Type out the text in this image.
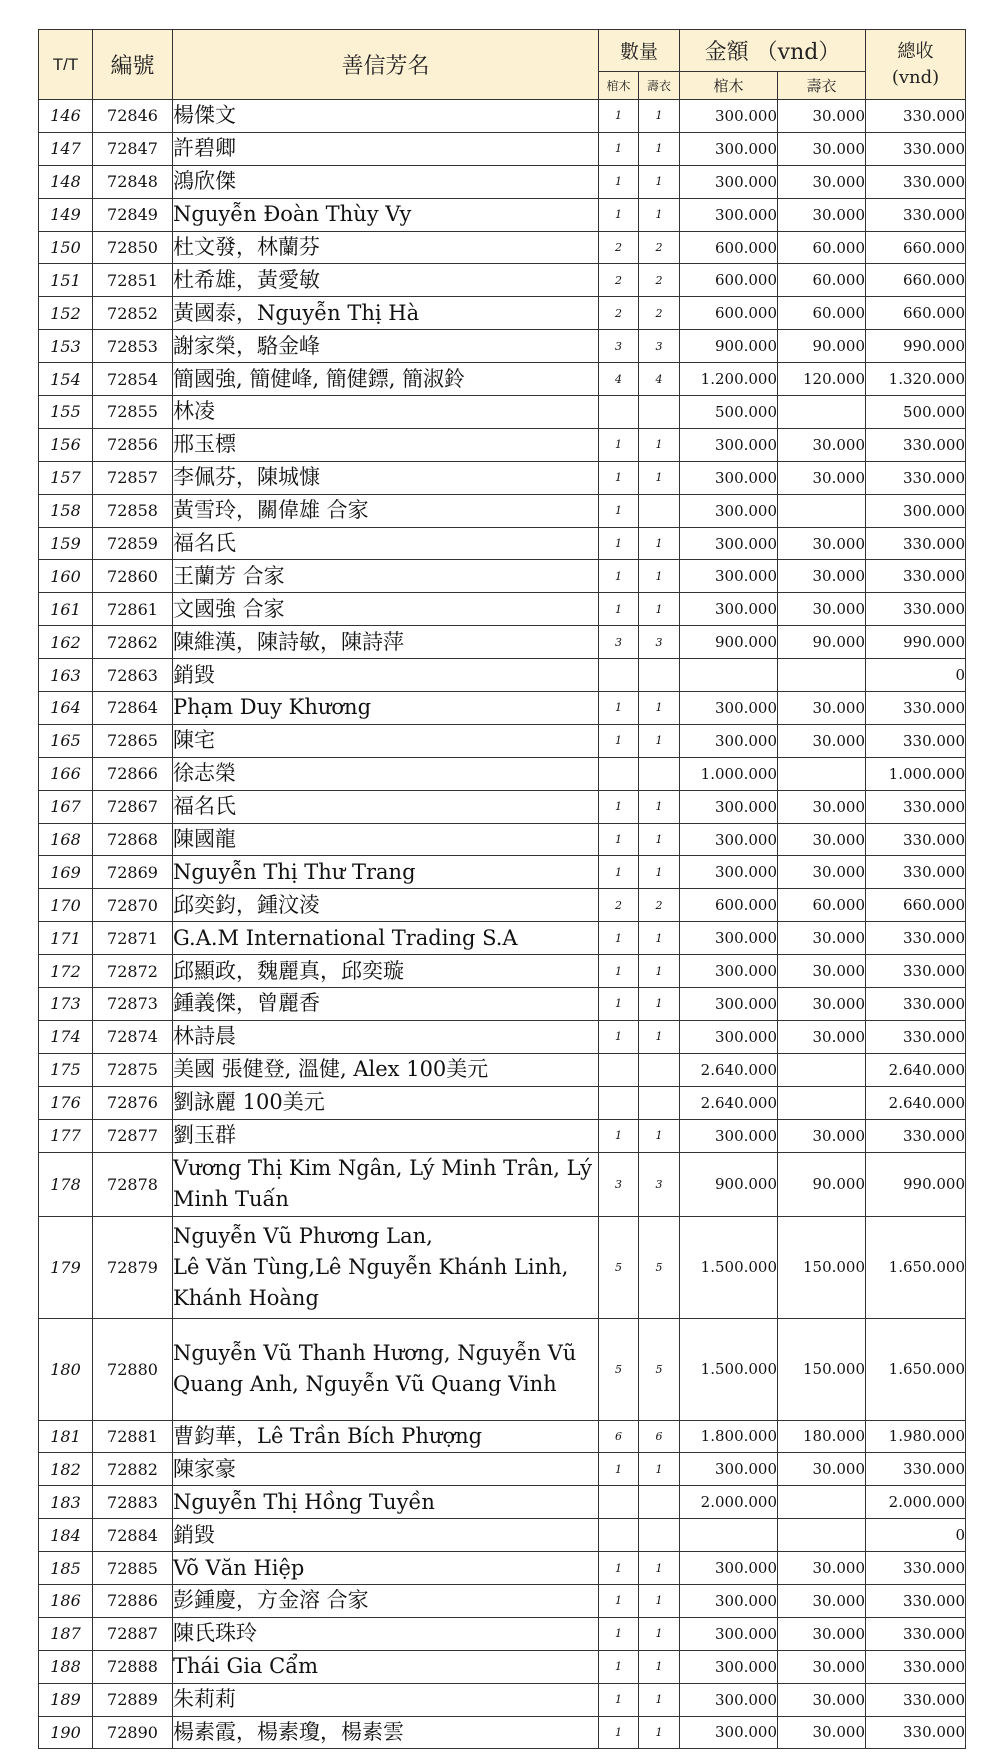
T/T	編號	善信芳名	數量		金額 （vnd）		總收
(vnd)

			棺木	壽衣	棺木	壽衣	
146	72846	楊傑文	1	1	300.000	30.000	330.000
147	72847	許碧卿	1	1	300.000	30.000	330.000
148	72848	鴻欣傑	1	1	300.000	30.000	330.000
149	72849	Nguyễn Đoàn Thùy Vy	1	1	300.000	30.000	330.000
150	72850	杜文發，林蘭芬	2	2	600.000	60.000	660.000
151	72851	杜希雄，黃愛敏	2	2	600.000	60.000	660.000
152	72852	黃國泰，Nguyễn Thị Hà	2	2	600.000	60.000	660.000
153	72853	謝家榮，駱金峰	3	3	900.000	90.000	990.000
154	72854	簡國強, 簡健峰, 簡健鏢, 簡淑鈴	4	4	1.200.000	120.000	1.320.000
155	72855	林凌			500.000		500.000
156	72856	邢玉標	1	1	300.000	30.000	330.000
157	72857	李佩芬，陳城慷	1	1	300.000	30.000	330.000
158	72858	黃雪玲，關偉雄 合家	1		300.000		300.000
159	72859	福名氏	1	1	300.000	30.000	330.000
160	72860	王蘭芳 合家	1	1	300.000	30.000	330.000
161	72861	文國強 合家	1	1	300.000	30.000	330.000
162	72862	陳維漢，陳詩敏，陳詩萍	3	3	900.000	90.000	990.000
163	72863	銷毀					0
164	72864	Phạm Duy Khương	1	1	300.000	30.000	330.000
165	72865	陳宅	1	1	300.000	30.000	330.000
166	72866	徐志榮			1.000.000		1.000.000
167	72867	福名氏	1	1	300.000	30.000	330.000
168	72868	陳國龍	1	1	300.000	30.000	330.000
169	72869	Nguyễn Thị Thư Trang	1	1	300.000	30.000	330.000
170	72870	邱奕鈞，鍾汶淩	2	2	600.000	60.000	660.000
171	72871	G.A.M International Trading S.A	1	1	300.000	30.000	330.000
172	72872	邱顯政，魏麗真，邱奕璇	1	1	300.000	30.000	330.000
173	72873	鍾義傑，曾麗香	1	1	300.000	30.000	330.000
174	72874	林詩晨	1	1	300.000	30.000	330.000
175	72875	美國 張健登, 溫健, Alex 100美元			2.640.000		2.640.000
176	72876	劉詠麗 100美元			2.640.000		2.640.000
177	72877	劉玉群	1	1	300.000	30.000	330.000
178	72878	Vương Thị Kim Ngân, Lý Minh Trân, Lý Minh Tuấn	3	3	900.000	90.000	990.000
179	72879	Nguyễn Vũ Phương Lan,
Lê Văn Tùng,Lê Nguyễn Khánh Linh, Khánh Hoàng	5	5	1.500.000	150.000	1.650.000
180	72880	Nguyễn Vũ Thanh Hương, Nguyễn Vũ Quang Anh, Nguyễn Vũ Quang Vinh	5	5	1.500.000	150.000	1.650.000
181	72881	曹鈞華，Lê Trần Bích Phượng	6	6	1.800.000	180.000	1.980.000
182	72882	陳家豪	1	1	300.000	30.000	330.000
183	72883	Nguyễn Thị Hồng Tuyền			2.000.000		2.000.000
184	72884	銷毀					0
185	72885	Võ Văn Hiệp	1	1	300.000	30.000	330.000
186	72886	彭鍾慶，方金溶 合家	1	1	300.000	30.000	330.000
187	72887	陳氏珠玲	1	1	300.000	30.000	330.000
188	72888	Thái Gia Cẩm	1	1	300.000	30.000	330.000
189	72889	朱莉莉	1	1	300.000	30.000	330.000
190	72890	楊素霞，楊素瓊，楊素雲	1	1	300.000	30.000	330.000
